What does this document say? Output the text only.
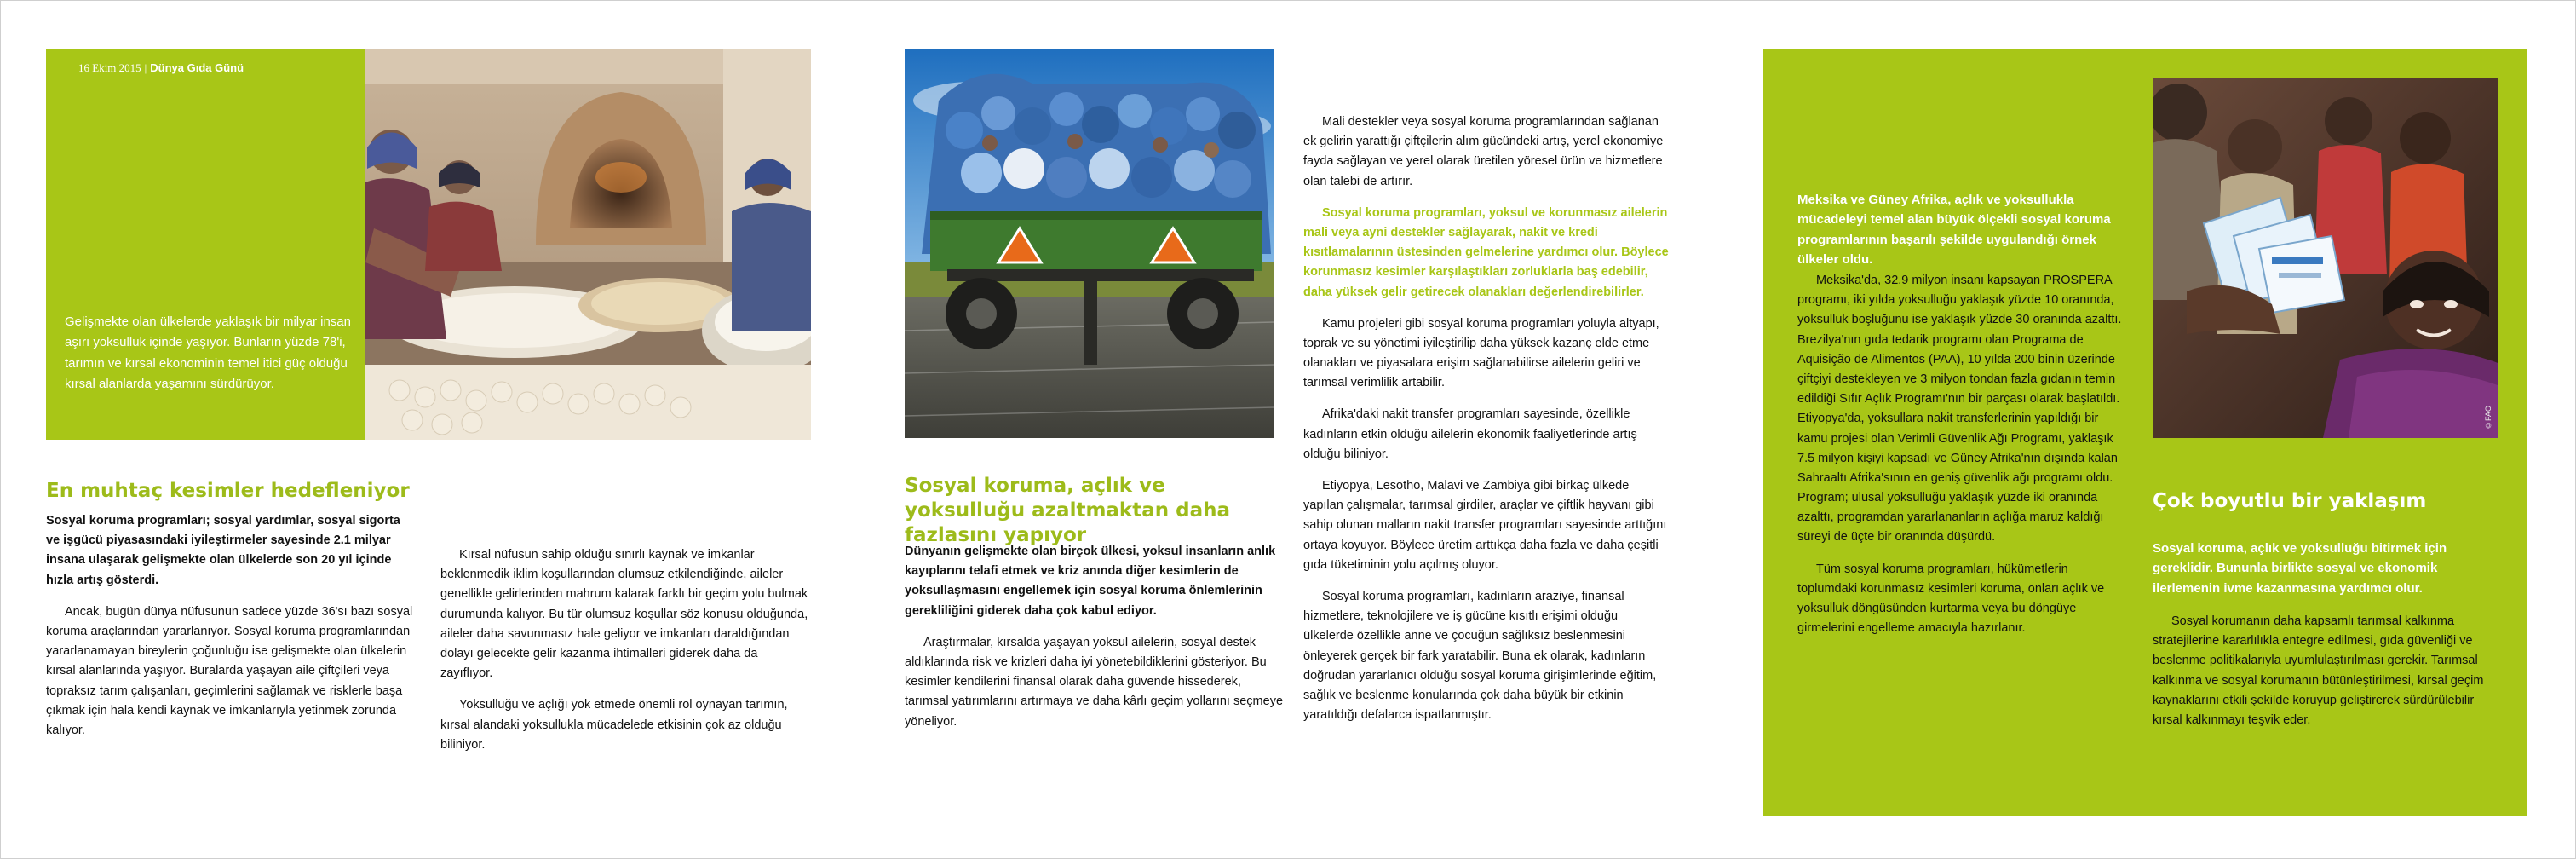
16 Ekim 2015 | Dünya Gıda Günü
Gelişmekte olan ülkelerde yaklaşık bir milyar insan aşırı yoksulluk içinde yaşıyor. Bunların yüzde 78'i, tarımın ve kırsal ekonominin temel itici güç olduğu kırsal alanlarda yaşamını sürdürüyor.
En muhtaç kesimler hedefleniyor

Sosyal koruma programları; sosyal yardımlar, sosyal sigorta ve işgücü piyasasındaki iyileştirmeler sayesinde 2.1 milyar insana ulaşarak gelişmekte olan ülkelerde son 20 yıl içinde hızla artış gösterdi.

Ancak, bugün dünya nüfusunun sadece yüzde 36'sı bazı sosyal koruma araçlarından yararlanıyor. Sosyal koruma programlarından yararlanamayan bireylerin çoğunluğu ise gelişmekte olan ülkelerin kırsal alanlarında yaşıyor. Buralarda yaşayan aile çiftçileri veya topraksız tarım çalışanları, geçimlerini sağlamak ve risklerle başa çıkmak için hala kendi kaynak ve imkanlarıyla yetinmek zorunda kalıyor.

Kırsal nüfusun sahip olduğu sınırlı kaynak ve imkanlar beklenmedik iklim koşullarından olumsuz etkilendiğinde, aileler genellikle gelirlerinden mahrum kalarak farklı bir geçim yolu bulmak durumunda kalıyor. Bu tür olumsuz koşullar söz konusu olduğunda, aileler daha savunmasız hale geliyor ve imkanları daraldığından dolayı gelecekte gelir kazanma ihtimalleri giderek daha da zayıflıyor.

Yoksulluğu ve açlığı yok etmede önemli rol oynayan tarımın, kırsal alandaki yoksullukla mücadelede etkisinin çok az olduğu biliniyor.

Sosyal koruma, açlık ve yoksulluğu azaltmaktan daha fazlasını yapıyor

Dünyanın gelişmekte olan birçok ülkesi, yoksul insanların anlık kayıplarını telafi etmek ve kriz anında diğer kesimlerin de yoksullaşmasını engellemek için sosyal koruma önlemlerinin gerekliliğini giderek daha çok kabul ediyor.

Araştırmalar, kırsalda yaşayan yoksul ailelerin, sosyal destek aldıklarında risk ve krizleri daha iyi yönetebildiklerini gösteriyor. Bu kesimler kendilerini finansal olarak daha güvende hissederek, tarımsal yatırımlarını artırmaya ve daha kârlı geçim yollarını seçmeye yöneliyor.

Mali destekler veya sosyal koruma programlarından sağlanan ek gelirin yarattığı çiftçilerin alım gücündeki artış, yerel ekonomiye fayda sağlayan ve yerel olarak üretilen yöresel ürün ve hizmetlere olan talebi de artırır.

Sosyal koruma programları, yoksul ve korunmasız ailelerin mali veya ayni destekler sağlayarak, nakit ve kredi kısıtlamalarının üstesinden gelmelerine yardımcı olur. Böylece korunmasız kesimler karşılaştıkları zorluklarla baş edebilir, daha yüksek gelir getirecek olanakları değerlendirebilirler.

Kamu projeleri gibi sosyal koruma programları yoluyla altyapı, toprak ve su yönetimi iyileştirilip daha yüksek kazanç elde etme olanakları ve piyasalara erişim sağlanabilirse ailelerin geliri ve tarımsal verimlilik artabilir.

Afrika'daki nakit transfer programları sayesinde, özellikle kadınların etkin olduğu ailelerin ekonomik faaliyetlerinde artış olduğu biliniyor.

Etiyopya, Lesotho, Malavi ve Zambiya gibi birkaç ülkede yapılan çalışmalar, tarımsal girdiler, araçlar ve çiftlik hayvanı gibi sahip olunan malların nakit transfer programları sayesinde arttığını ortaya koyuyor. Böylece üretim arttıkça daha fazla ve daha çeşitli gıda tüketiminin yolu açılmış oluyor.

Sosyal koruma programları, kadınların araziye, finansal hizmetlere, teknolojilere ve iş gücüne kısıtlı erişimi olduğu ülkelerde özellikle anne ve çocuğun sağlıksız beslenmesini önleyerek gerçek bir fark yaratabilir. Buna ek olarak, kadınların doğrudan yararlanıcı olduğu sosyal koruma girişimlerinde eğitim, sağlık ve beslenme konularında çok daha büyük bir etkinin yaratıldığı defalarca ispatlanmıştır.

©FAO
Meksika ve Güney Afrika, açlık ve yoksullukla mücadeleyi temel alan büyük ölçekli sosyal koruma programlarının başarılı şekilde uygulandığı örnek ülkeler oldu.

Meksika'da, 32.9 milyon insanı kapsayan PROSPERA programı, iki yılda yoksulluğu yaklaşık yüzde 10 oranında, yoksulluk boşluğunu ise yaklaşık yüzde 30 oranında azalttı. Brezilya'nın gıda tedarik programı olan Programa de Aquisição de Alimentos (PAA), 10 yılda 200 binin üzerinde çiftçiyi destekleyen ve 3 milyon tondan fazla gıdanın temin edildiği Sıfır Açlık Programı'nın bir parçası olarak başlatıldı. Etiyopya'da, yoksullara nakit transferlerinin yapıldığı bir kamu projesi olan Verimli Güvenlik Ağı Programı, yaklaşık 7.5 milyon kişiyi kapsadı ve Güney Afrika'nın dışında kalan Sahraaltı Afrika'sının en geniş güvenlik ağı programı oldu. Program; ulusal yoksulluğu yaklaşık yüzde iki oranında azalttı, programdan yararlananların açlığa maruz kaldığı süreyi de üçte bir oranında düşürdü.

Tüm sosyal koruma programları, hükümetlerin toplumdaki korunmasız kesimleri koruma, onları açlık ve yoksulluk döngüsünden kurtarma veya bu döngüye girmelerini engelleme amacıyla hazırlanır.

Çok boyutlu bir yaklaşım
Sosyal koruma, açlık ve yoksulluğu bitirmek için gereklidir. Bununla birlikte sosyal ve ekonomik ilerlemenin ivme kazanmasına yardımcı olur.

Sosyal korumanın daha kapsamlı tarımsal kalkınma stratejilerine kararlılıkla entegre edilmesi, gıda güvenliği ve beslenme politikalarıyla uyumlulaştırılması gerekir. Tarımsal kalkınma ve sosyal korumanın bütünleştirilmesi, kırsal geçim kaynaklarını etkili şekilde koruyup geliştirerek sürdürülebilir kırsal kalkınmayı teşvik eder.
